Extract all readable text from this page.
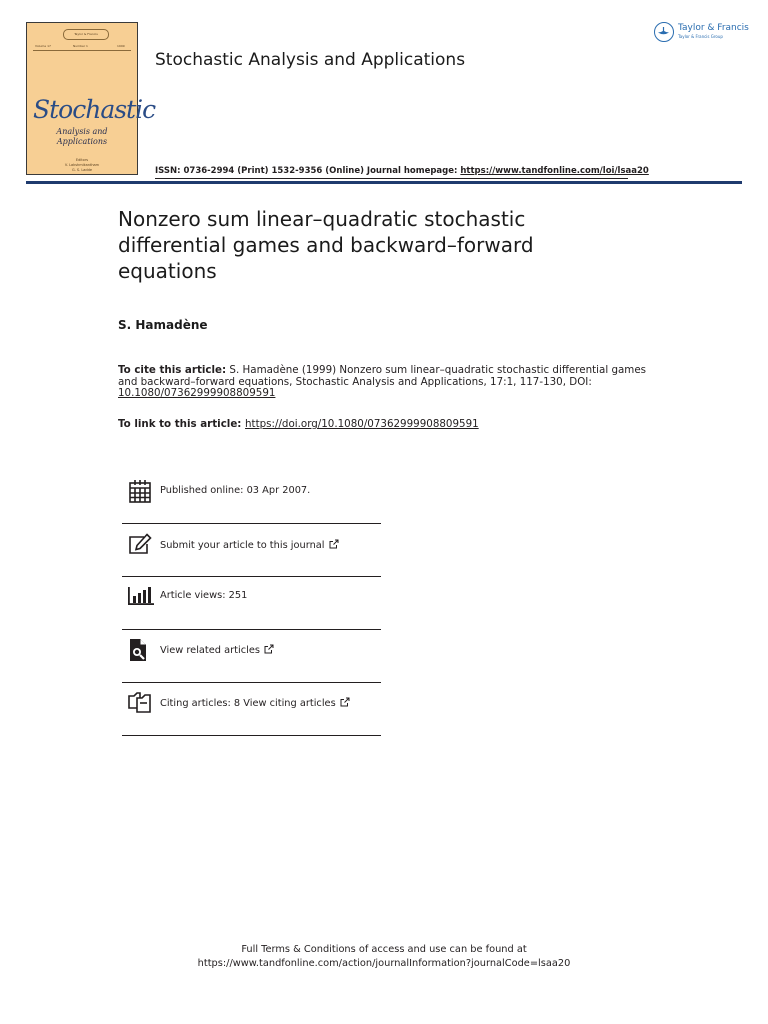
Taylor & Francis
Volume 17	Number 1	1999
Stochastic
Analysis and
Applications
Editors
V. Lakshmikantham
G. S. Ladde
Stochastic Analysis and Applications
Taylor & Francis
Taylor & Francis Group
ISSN: 0736-2994 (Print) 1532-9356 (Online) Journal homepage: https://www.tandfonline.com/loi/lsaa20
Nonzero sum linear–quadratic stochastic differential games and backward–forward equations
S. Hamadène
To cite this article: S. Hamadène (1999) Nonzero sum linear–quadratic stochastic differential games and backward–forward equations, Stochastic Analysis and Applications, 17:1, 117-130, DOI: 10.1080/07362999908809591
To link to this article: https://doi.org/10.1080/07362999908809591
Published online: 03 Apr 2007.
Submit your article to this journal
Article views: 251
View related articles
Citing articles: 8 View citing articles
Full Terms & Conditions of access and use can be found at
https://www.tandfonline.com/action/journalInformation?journalCode=lsaa20
